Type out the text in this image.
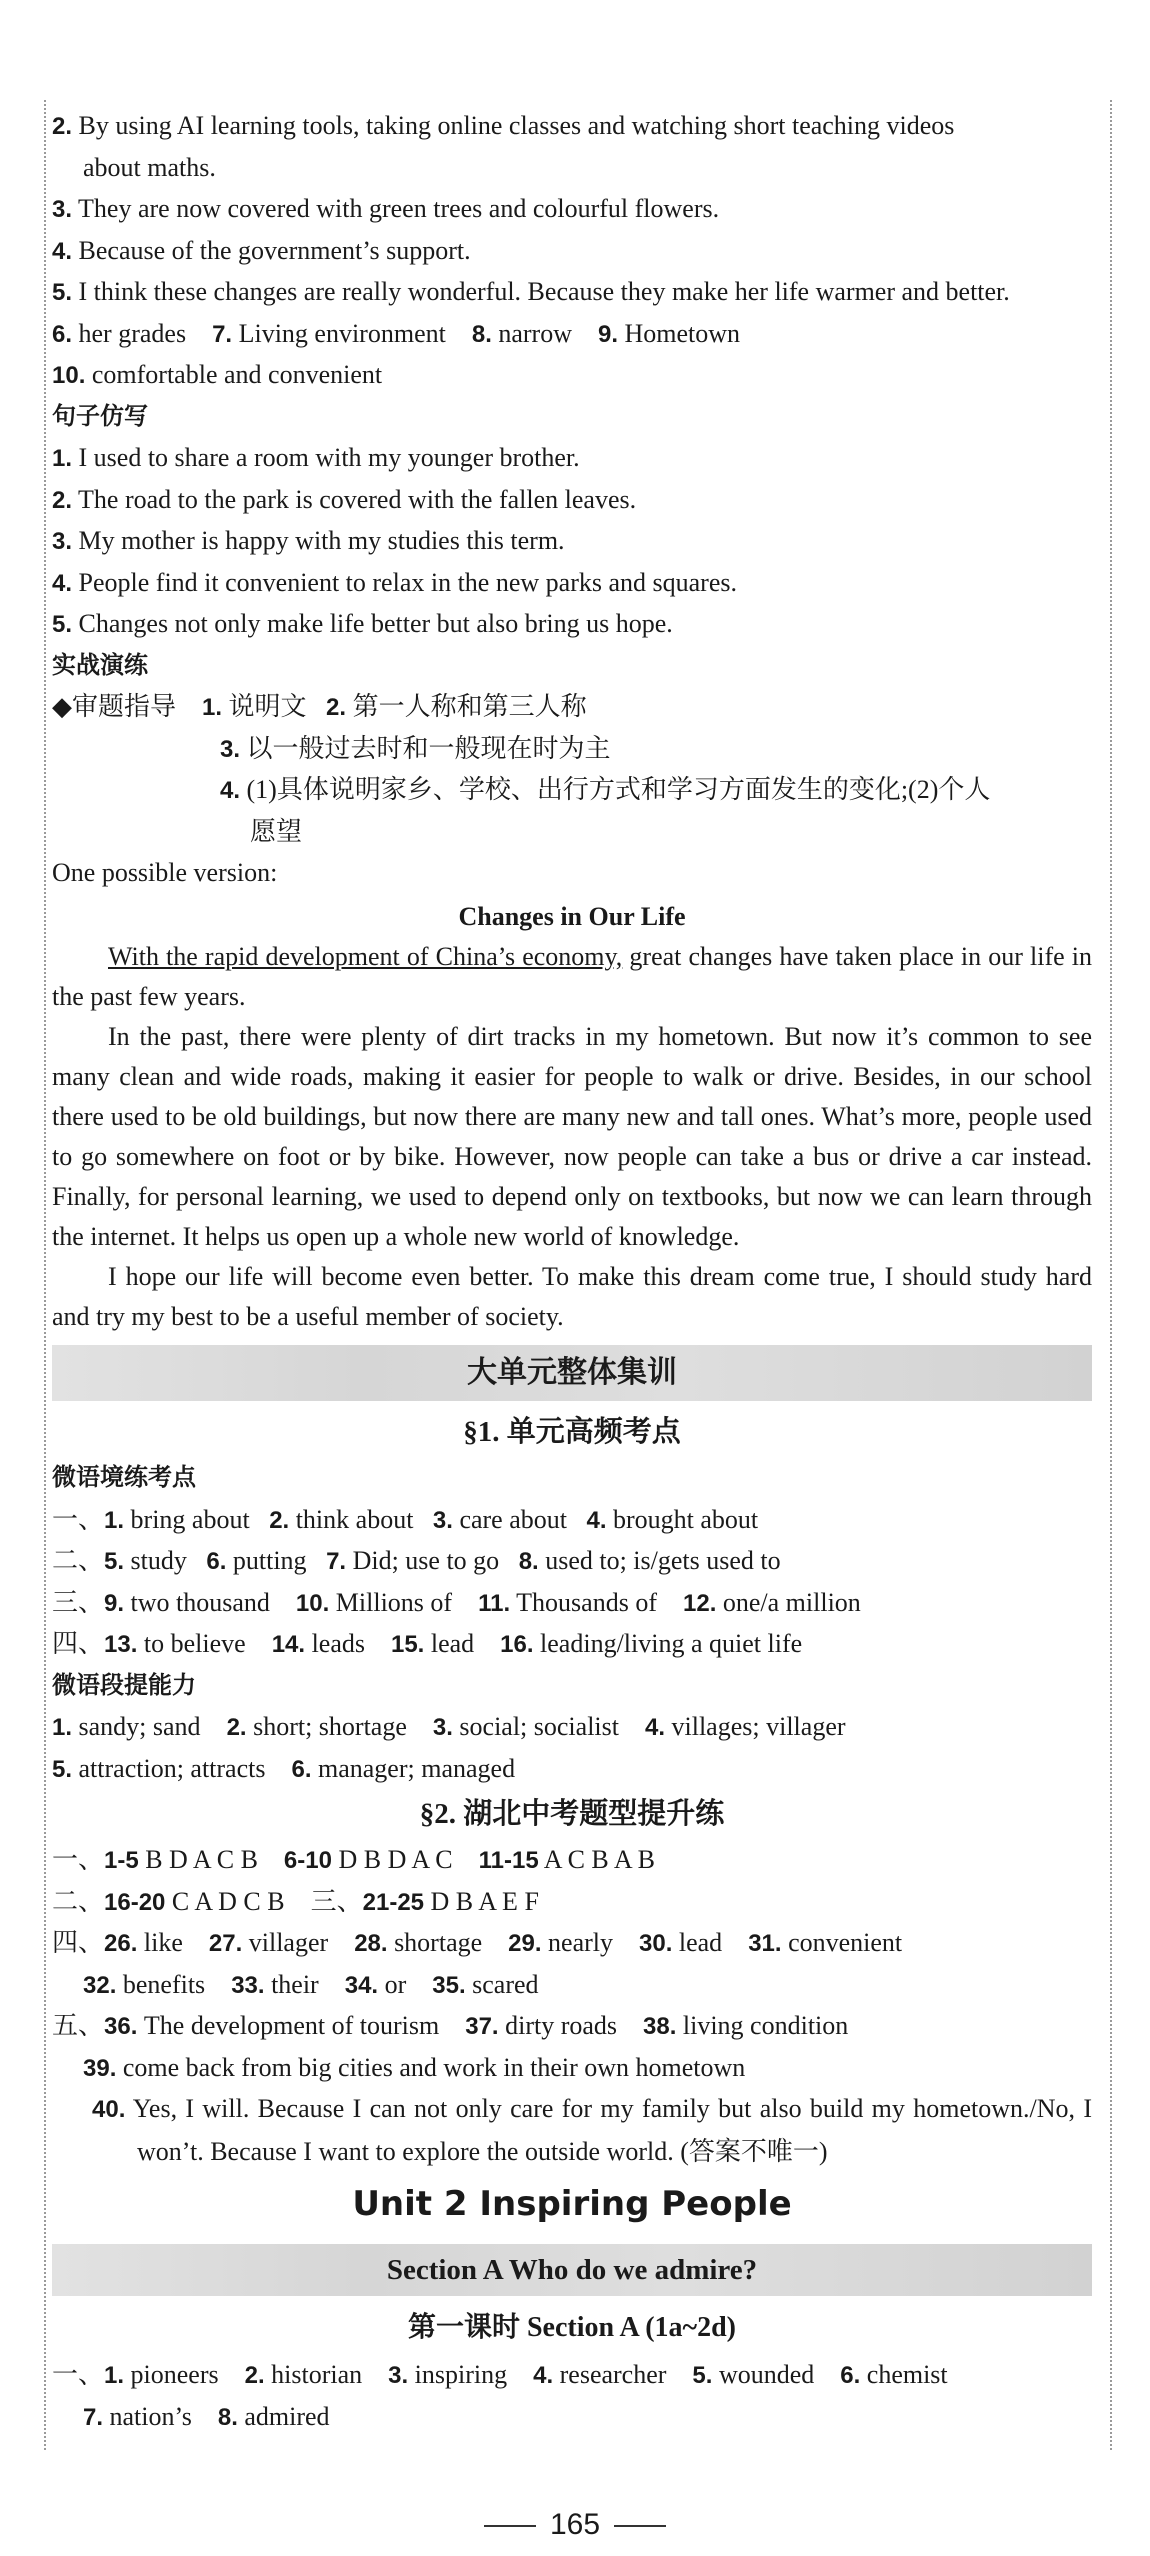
2. By using AI learning tools, taking online classes and watching short teaching videos
about maths.
3. They are now covered with green trees and colourful flowers.
4. Because of the government’s support.
5. I think these changes are really wonderful. Because they make her life warmer and better.
6. her grades 7. Living environment 8. narrow 9. Hometown
10. comfortable and convenient
句子仿写
1. I used to share a room with my younger brother.
2. The road to the park is covered with the fallen leaves.
3. My mother is happy with my studies this term.
4. People find it convenient to relax in the new parks and squares.
5. Changes not only make life better but also bring us hope.
实战演练
◆审题指导 1. 说明文 2. 第一人称和第三人称
3. 以一般过去时和一般现在时为主
4. (1)具体说明家乡、学校、出行方式和学习方面发生的变化;(2)个人
愿望
One possible version:
Changes in Our Life

With the rapid development of China’s economy, great changes have taken place in our life in the past few years.

In the past, there were plenty of dirt tracks in my hometown. But now it’s common to see many clean and wide roads, making it easier for people to walk or drive. Besides, in our school there used to be old buildings, but now there are many new and tall ones. What’s more, people used to go somewhere on foot or by bike. However, now people can take a bus or drive a car instead. Finally, for personal learning, we used to depend only on textbooks, but now we can learn through the internet. It helps us open up a whole new world of knowledge.

I hope our life will become even better. To make this dream come true, I should study hard and try my best to be a useful member of society.

大单元整体集训
§1. 单元高频考点
微语境练考点
一、1. bring about 2. think about 3. care about 4. brought about
二、5. study 6. putting 7. Did; use to go 8. used to; is/gets used to
三、9. two thousand 10. Millions of 11. Thousands of 12. one/a million
四、13. to believe 14. leads 15. lead 16. leading/living a quiet life
微语段提能力
1. sandy; sand 2. short; shortage 3. social; socialist 4. villages; villager
5. attraction; attracts 6. manager; managed
§2. 湖北中考题型提升练
一、1-5 B D A C B 6-10 D B D A C 11-15 A C B A B
二、16-20 C A D C B 三、21-25 D B A E F
四、26. like 27. villager 28. shortage 29. nearly 30. lead 31. convenient
32. benefits 33. their 34. or 35. scared
五、36. The development of tourism 37. dirty roads 38. living condition
39. come back from big cities and work in their own hometown

40. Yes, I will. Because I can not only care for my family but also build my hometown./No, I won’t. Because I want to explore the outside world. (答案不唯一)

Unit 2 Inspiring People
Section A Who do we admire?
第一课时 Section A (1a~2d)
一、1. pioneers 2. historian 3. inspiring 4. researcher 5. wounded 6. chemist
7. nation’s 8. admired
165
